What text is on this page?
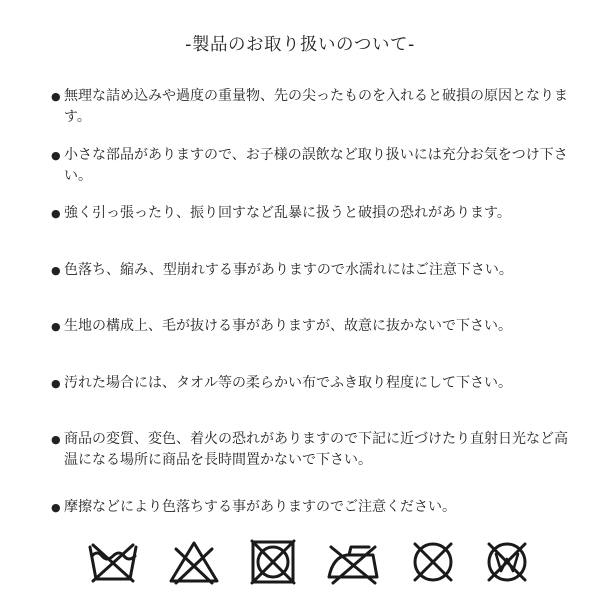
-製品のお取り扱いのついて-
● 無理な詰め込みや過度の重量物、先の尖ったものを入れると破損の原因となります。
● 小さな部品がありますので、お子様の誤飲など取り扱いには充分お気をつけ下さい。
● 強く引っ張ったり、振り回すなど乱暴に扱うと破損の恐れがあります。
● 色落ち、縮み、型崩れする事がありますので水濡れにはご注意下さい。
● 生地の構成上、毛が抜ける事がありますが、故意に抜かないで下さい。
● 汚れた場合には、タオル等の柔らかい布でふき取り程度にして下さい。
● 商品の変質、変色、着火の恐れがありますので下記に近づけたり直射日光など高温になる場所に商品を長時間置かないで下さい。
● 摩擦などにより色落ちする事がありますのでご注意ください。
